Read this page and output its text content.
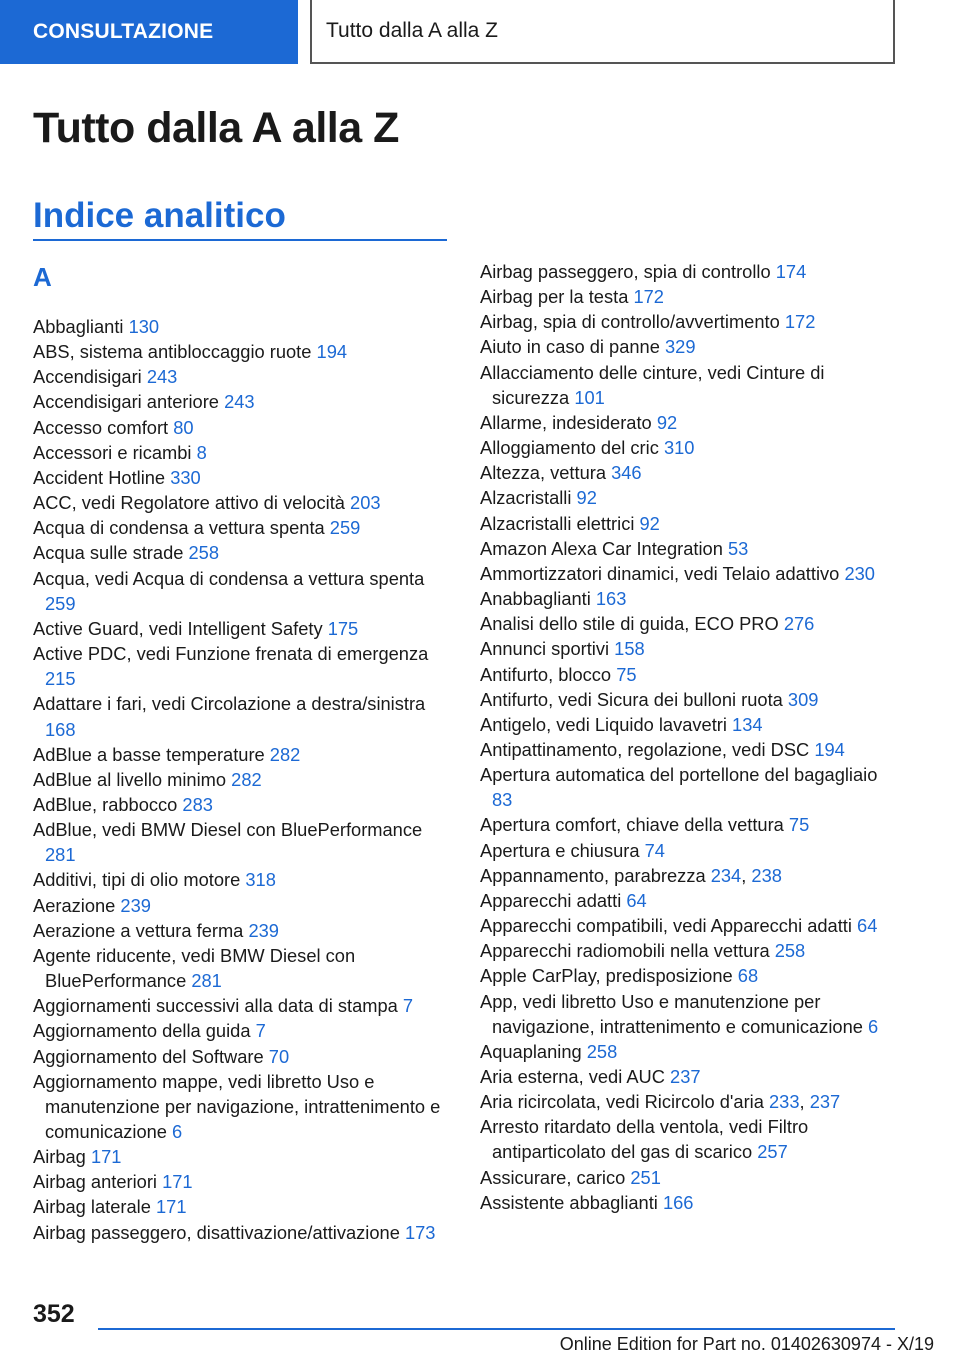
CONSULTAZIONE	Tutto dalla A alla Z
Tutto dalla A alla Z
Indice analitico
A

Abbaglianti 130

ABS, sistema antibloccaggio ruote 194

Accendisigari 243

Accendisigari anteriore 243

Accesso comfort 80

Accessori e ricambi 8

Accident Hotline 330

ACC, vedi Regolatore attivo di velocità 203

Acqua di condensa a vettura spenta 259

Acqua sulle strade 258

Acqua, vedi Acqua di condensa a vettura spenta 259

Active Guard, vedi Intelligent Safety 175

Active PDC, vedi Funzione frenata di emergenza 215

Adattare i fari, vedi Circolazione a destra/sinistra 168

AdBlue a basse temperature 282

AdBlue al livello minimo 282

AdBlue, rabbocco 283

AdBlue, vedi BMW Diesel con BluePerformance 281

Additivi, tipi di olio motore 318

Aerazione 239

Aerazione a vettura ferma 239

Agente riducente, vedi BMW Diesel con BluePerformance 281

Aggiornamenti successivi alla data di stampa 7

Aggiornamento della guida 7

Aggiornamento del Software 70

Aggiornamento mappe, vedi libretto Uso e manutenzione per navigazione, intrattenimento e comunicazione 6

Airbag 171

Airbag anteriori 171

Airbag laterale 171

Airbag passeggero, disattivazione/attivazione 173

Airbag passeggero, spia di controllo 174

Airbag per la testa 172

Airbag, spia di controllo/avvertimento 172

Aiuto in caso di panne 329

Allacciamento delle cinture, vedi Cinture di sicurezza 101

Allarme, indesiderato 92

Alloggiamento del cric 310

Altezza, vettura 346

Alzacristalli 92

Alzacristalli elettrici 92

Amazon Alexa Car Integration 53

Ammortizzatori dinamici, vedi Telaio adattivo 230

Anabbaglianti 163

Analisi dello stile di guida, ECO PRO 276

Annunci sportivi 158

Antifurto, blocco 75

Antifurto, vedi Sicura dei bulloni ruota 309

Antigelo, vedi Liquido lavavetri 134

Antipattinamento, regolazione, vedi DSC 194

Apertura automatica del portellone del bagagliaio 83

Apertura comfort, chiave della vettura 75

Apertura e chiusura 74

Appannamento, parabrezza 234, 238

Apparecchi adatti 64

Apparecchi compatibili, vedi Apparecchi adatti 64

Apparecchi radiomobili nella vettura 258

Apple CarPlay, predisposizione 68

App, vedi libretto Uso e manutenzione per navigazione, intrattenimento e comunicazione 6

Aquaplaning 258

Aria esterna, vedi AUC 237

Aria ricircolata, vedi Ricircolo d'aria 233, 237

Arresto ritardato della ventola, vedi Filtro antiparticolato del gas di scarico 257

Assicurare, carico 251

Assistente abbaglianti 166

352
Online Edition for Part no. 01402630974 - X/19
